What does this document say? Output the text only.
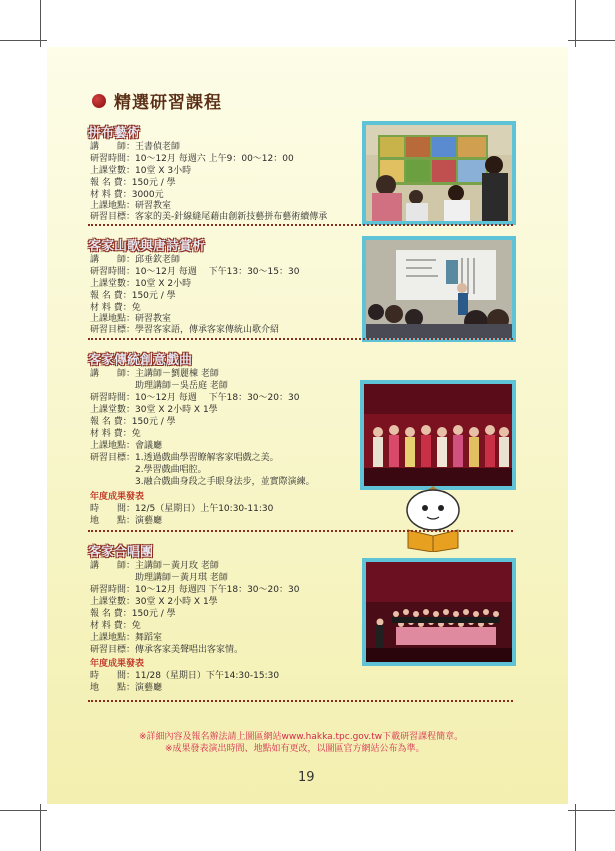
精選研習課程
拼布藝術
講　　師：王書偵老師
研習時間：10～12月 每週六 上午9：00～12：00
上課堂數：10堂 X 3小時
報 名 費：150元 / 學
材 料 費：3000元
上課地點：研習教室
研習目標：客家的美-針線縫尾藉由創新技藝拼布藝術續傳承
客家山歌與唐詩賞析
講　　師：邱垂欽老師
研習時間：10～12月 每週　 下午13：30～15：30
上課堂數：10堂 X 2小時
報 名 費：150元 / 學
材 料 費：免
上課地點：研習教室
研習目標：學習客家語，傳承客家傳統山歌介紹
客家傳統創意戲曲
講　　師：主講師－劉麗棟 老師
　　　　　助理講師－吳岳庭 老師
研習時間：10～12月 每週　 下午18：30～20：30
上課堂數：30堂 X 2小時 X 1學
報 名 費：150元 / 學
材 料 費：免
上課地點：會議廳
研習目標：1.透過戲曲學習瞭解客家唱戲之美。
　　　　　2.學習戲曲唱腔。
　　　　　3.融合戲曲身段之手眼身法步，並實際演練。
年度成果發表
時　　間：12/5（星期日）上午10:30-11:30
地　　點：演藝廳
客家合唱團
講　　師：主講師－黃月玫 老師
　　　　　助理講師－黃月琪 老師
研習時間：10～12月 每週四 下午18：30～20：30
上課堂數：30堂 X 2小時 X 1學
報 名 費：150元 / 學
材 料 費：免
上課地點：舞蹈室
研習目標：傳承客家美聲唱出客家情。
年度成果發表
時　　間：11/28（星期日）下午14:30-15:30
地　　點：演藝廳
※詳細內容及報名辦法請上圖區網站www.hakka.tpc.gov.tw下載研習課程簡章。
※成果發表演出時間、地點如有更改，以圖區官方網站公布為準。
19
